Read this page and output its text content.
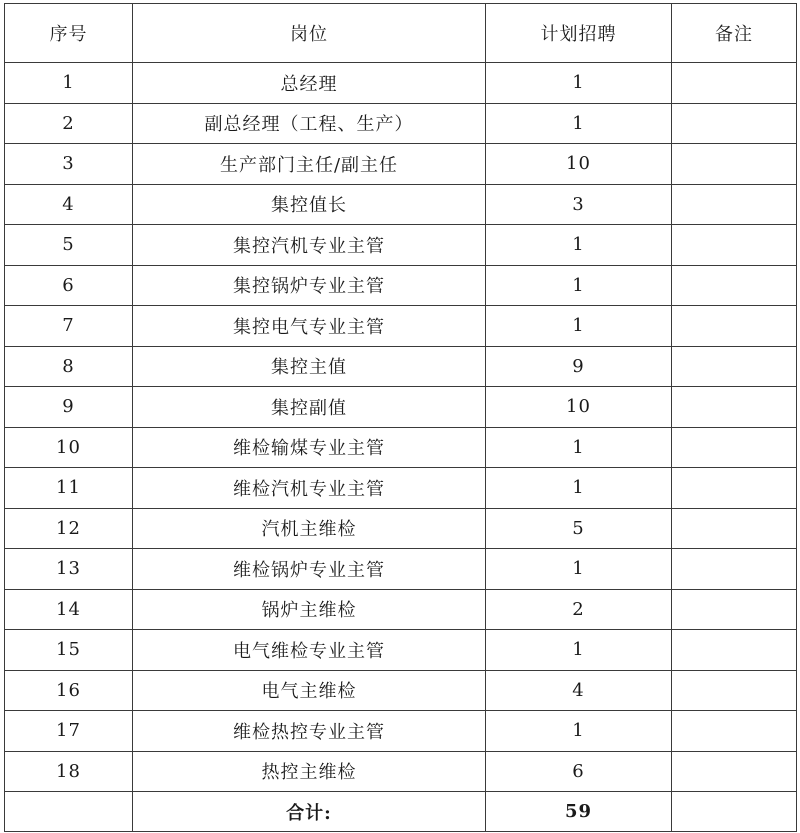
序号	岗位	计划招聘	备注
1	总经理	1	
2	副总经理（工程、生产）	1	
3	生产部门主任/副主任	10	
4	集控值长	3	
5	集控汽机专业主管	1	
6	集控锅炉专业主管	1	
7	集控电气专业主管	1	
8	集控主值	9	
9	集控副值	10	
10	维检输煤专业主管	1	
11	维检汽机专业主管	1	
12	汽机主维检	5	
13	维检锅炉专业主管	1	
14	锅炉主维检	2	
15	电气维检专业主管	1	
16	电气主维检	4	
17	维检热控专业主管	1	
18	热控主维检	6	
	合计:	59	
